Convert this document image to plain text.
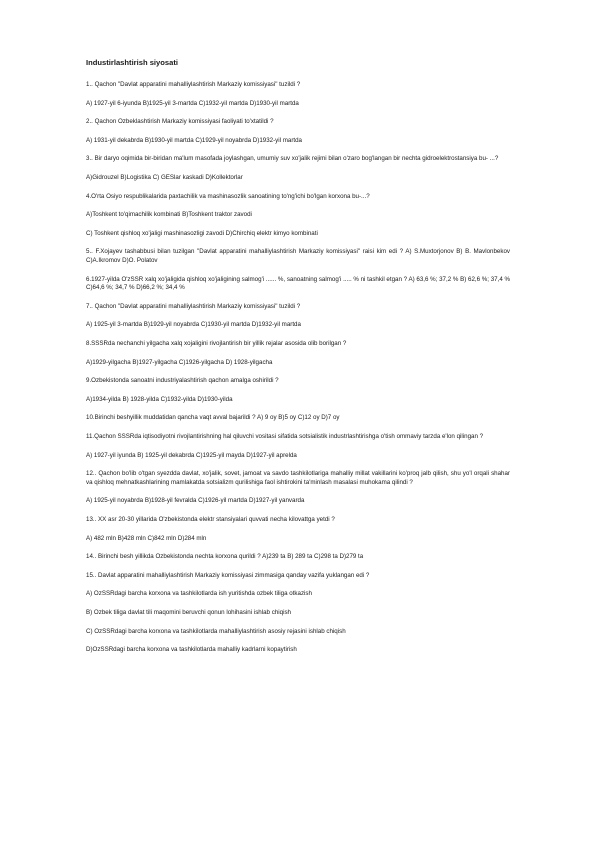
Industirlashtirish siyosati

1.. Qachon "Davlat apparatini mahalliylashtirish Markaziy komissiyasi" tuzildi ?

A) 1927-yil 6-iyunda B)1925-yil 3-martda C)1932-yil martda D)1930-yil martda

2.. Qachon Ozbeklashtirish Markaziy komissiyasi faoliyati to'xtatildi ?

A) 1931-yil dekabrda B)1930-yil martda C)1929-yil noyabrda D)1932-yil martda

3.. Bir daryo oqimida bir-biridan ma'lum masofada joylashgan, umumiy suv xo'jalik rejimi bilan o'zaro bog'langan bir nechta gidroelektrostansiya bu- ...?

A)Gidrouzel B)Logistika C) GESlar kaskadi D)Kollektorlar

4.O'rta Osiyo respublikalarida paxtachilik va mashinasozlik sanoatining to'ng'ichi bo'lgan korxona bu-...?

A)Toshkent to'qimachilik kombinati B)Toshkent traktor zavodi

C) Toshkent qishloq xo'jaligi mashinasozligi zavodi D)Chirchiq elektr kimyo kombinati

5.. F.Xojayev tashabbusi bilan tuzilgan "Davlat apparatini mahalliylashtirish Markaziy komissiyasi" raisi kim edi ? A) S.Muxtorjonov B) B. Mavlonbekov C)A.Ikromov D)O. Polatov

6.1927-yilda O'zSSR xalq xo'jaligida qishloq xo'jaligining salmog'i ...... %, sanoatning salmog'i ..... % ni tashkil etgan ? A) 63,6 %; 37,2 % B) 62,6 %; 37,4 % C)64,6 %; 34,7 % D)66,2 %; 34,4 %

7.. Qachon "Davlat apparatini mahalliylashtirish Markaziy komissiyasi" tuzildi ?

A) 1925-yil 3-martda B)1929-yil noyabrda C)1930-yil martda D)1932-yil martda

8.SSSRda nechanchi yilgacha xalq xojaligini rivojlantirish bir yillik rejalar asosida olib borilgan ?

A)1929-yilgacha B)1927-yilgacha C)1926-yilgacha D) 1928-yilgacha

9.Ozbekistonda sanoatni industriyalashtirish qachon amalga oshirildi ?

A)1934-yilda B) 1928-yilda C)1932-yilda D)1930-yilda

10.Birinchi beshyillik muddatidan qancha vaqt avval bajarildi ? A) 9 oy B)5 oy C)12 oy D)7 oy

11.Qachon SSSRda iqtisodiyotni rivojlantirishning hal qiluvchi vositasi sifatida sotsialistik industrlashtirishga o'tish ommaviy tarzda e'lon qilingan ?

A) 1927-yil iyunda B) 1925-yil dekabrda C)1925-yil mayda D)1927-yil aprelda

12.. Qachon bo'lib o'tgan syezdda davlat, xo'jalik, sovet, jamoat va savdo tashkilotlariga mahalliy millat vakillarini ko'proq jalb qilish, shu yo'l orqali shahar va qishloq mehnatkashlarining mamlakatda sotsializm qurilishiga faol ishtirokini ta'minlash masalasi muhokama qilindi ?

A) 1925-yil noyabrda B)1928-yil fevralda C)1926-yil martda D)1927-yil yanvarda

13.. XX asr 20-30 yillarida O'zbekistonda elektr stansiyalari quvvati necha kilovattga yetdi ?

A) 482 mln B)428 mln C)842 mln D)284 mln

14.. Birinchi besh yillikda Ozbekistonda nechta korxona qurildi ? A)239 ta B) 289 ta C)298 ta D)279 ta

15.. Davlat apparatini mahalliylashtirish Markaziy komissiyasi zimmasiga qanday vazifa yuklangan edi ?

A) OzSSRdagi barcha korxona va tashkilotlarda ish yuritishda ozbek tiliga otkazish

B) Ozbek tiliga davlat tili maqomini beruvchi qonun lohihasini ishlab chiqish

C) OzSSRdagi barcha korxona va tashkilotlarda mahalliylashtirish asosiy rejasini ishlab chiqish

D)OzSSRdagi barcha korxona va tashkilotlarda mahalliy kadrlarni kopaytirish
